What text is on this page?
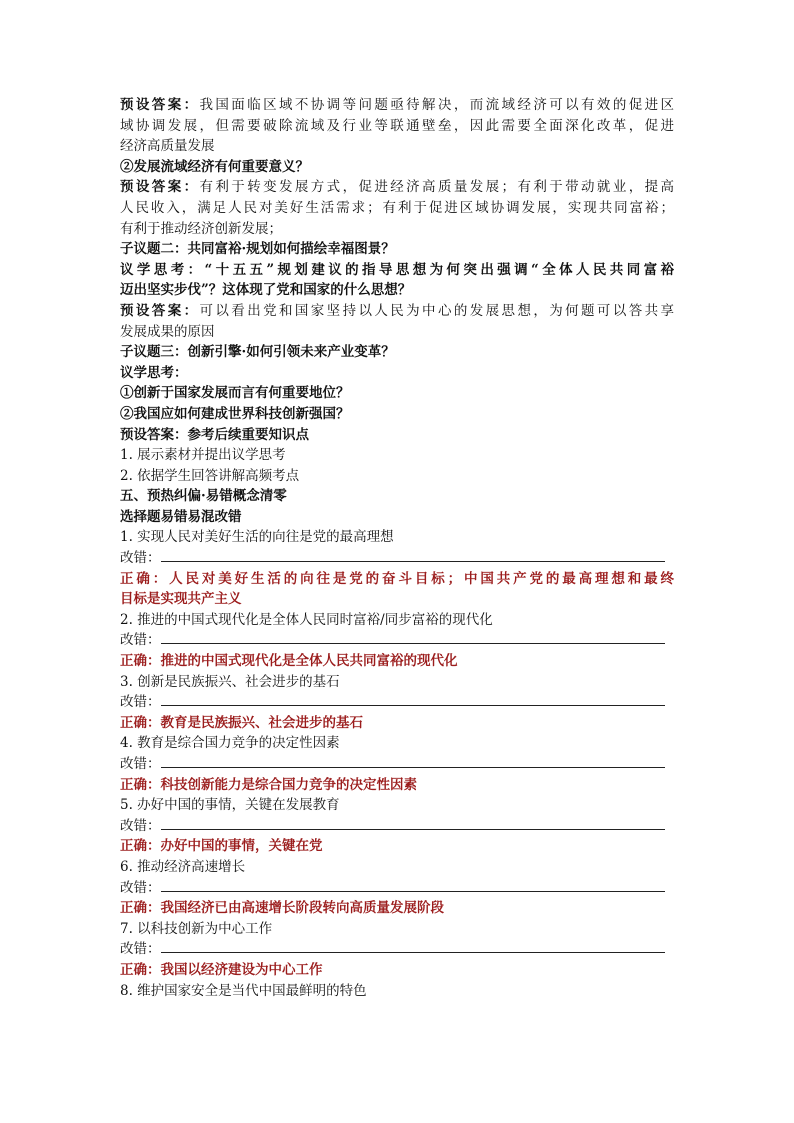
预设答案：我国面临区域不协调等问题亟待解决，而流域经济可以有效的促进区
域协调发展，但需要破除流域及行业等联通壁垒，因此需要全面深化改革，促进
经济高质量发展
②发展流域经济有何重要意义？
预设答案：有利于转变发展方式，促进经济高质量发展；有利于带动就业，提高
人民收入，满足人民对美好生活需求；有利于促进区域协调发展，实现共同富裕；
有利于推动经济创新发展；
子议题二：共同富裕·规划如何描绘幸福图景？
议学思考：“十五五”规划建议的指导思想为何突出强调“全体人民共同富裕
迈出坚实步伐”？这体现了党和国家的什么思想？
预设答案：可以看出党和国家坚持以人民为中心的发展思想，为何题可以答共享
发展成果的原因
子议题三：创新引擎·如何引领未来产业变革？
议学思考：
①创新于国家发展而言有何重要地位？
②我国应如何建成世界科技创新强国？
预设答案：参考后续重要知识点
1. 展示素材并提出议学思考
2. 依据学生回答讲解高频考点
五、预热纠偏·易错概念清零
选择题易错易混改错
1. 实现人民对美好生活的向往是党的最高理想
改错：
正确：人民对美好生活的向往是党的奋斗目标；中国共产党的最高理想和最终
目标是实现共产主义
2. 推进的中国式现代化是全体人民同时富裕/同步富裕的现代化
改错：
正确：推进的中国式现代化是全体人民共同富裕的现代化
3. 创新是民族振兴、社会进步的基石
改错：
正确：教育是民族振兴、社会进步的基石
4. 教育是综合国力竞争的决定性因素
改错：
正确：科技创新能力是综合国力竞争的决定性因素
5. 办好中国的事情，关键在发展教育
改错：
正确：办好中国的事情，关键在党
6. 推动经济高速增长
改错：
正确：我国经济已由高速增长阶段转向高质量发展阶段
7. 以科技创新为中心工作
改错：
正确：我国以经济建设为中心工作
8. 维护国家安全是当代中国最鲜明的特色
